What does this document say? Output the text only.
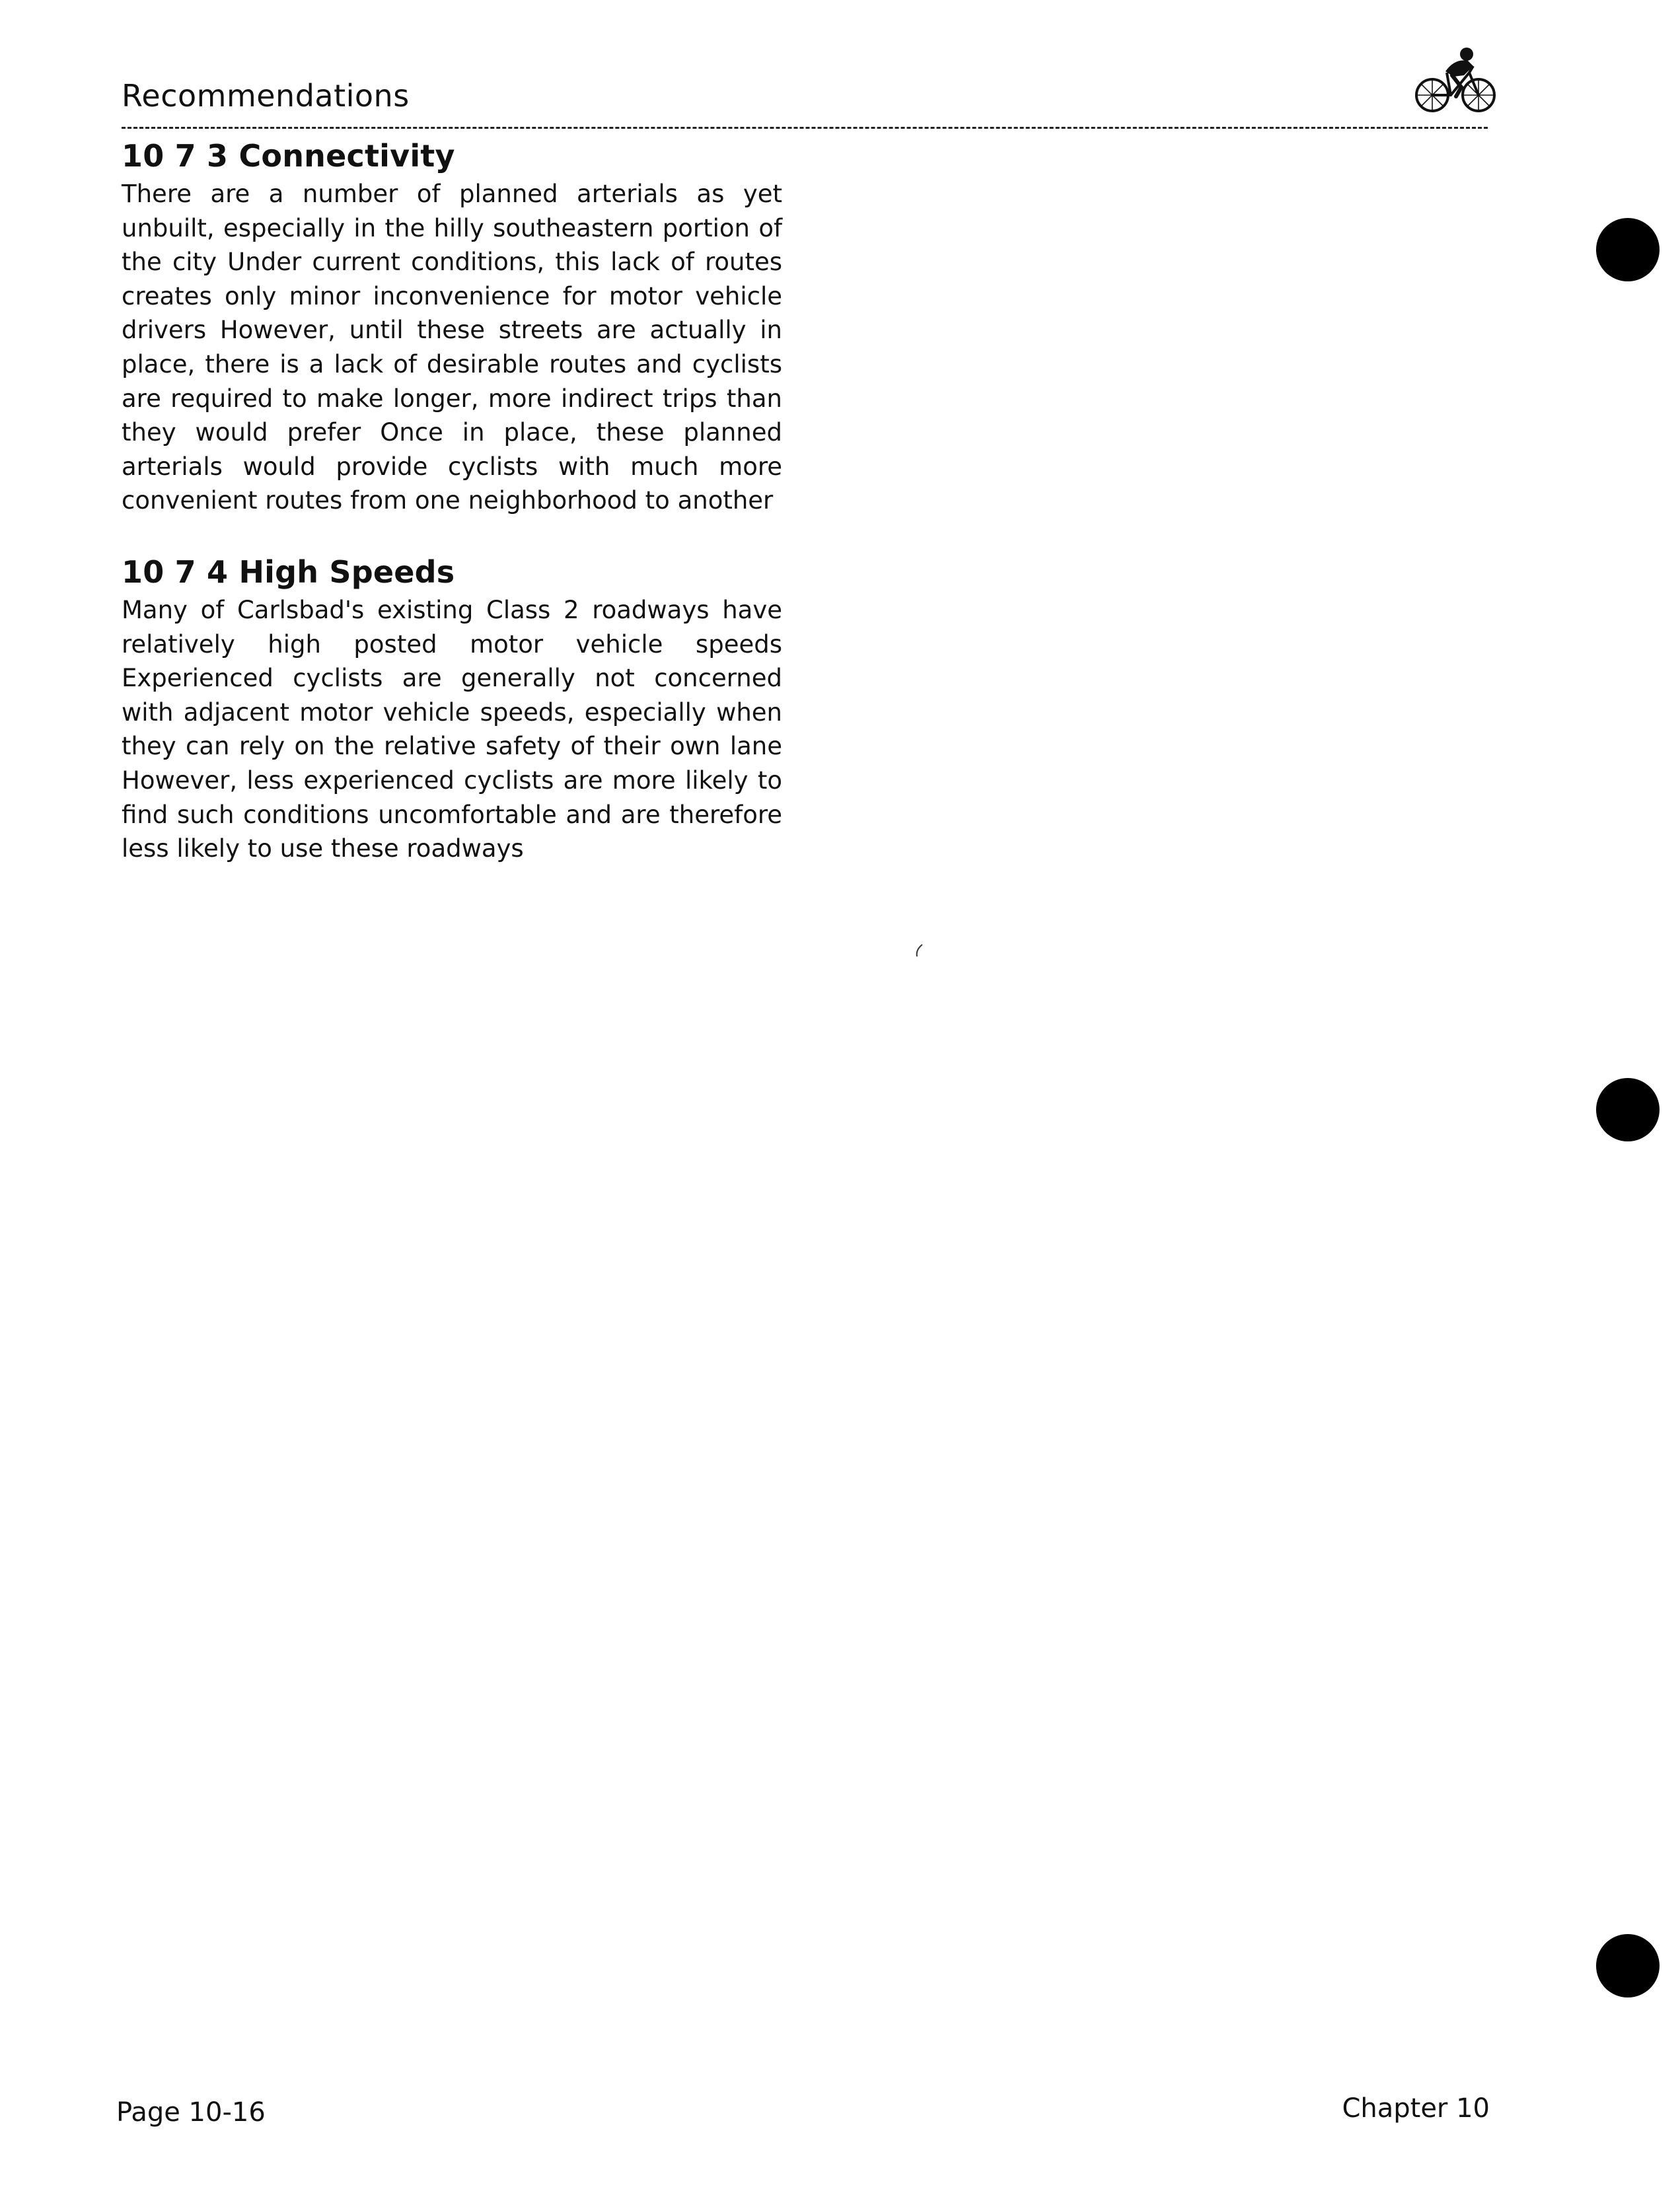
Recommendations
10 7 3 Connectivity

There are a number of planned arterials as yet unbuilt, especially in the hilly southeastern portion of the city Under current conditions, this lack of routes creates only minor inconvenience for motor vehicle drivers However, until these streets are actually in place, there is a lack of desirable routes and cyclists are required to make longer, more indirect trips than they would prefer Once in place, these planned arterials would provide cyclists with much more convenient routes from one neighborhood to another

10 7 4 High Speeds

Many of Carlsbad's existing Class 2 roadways have relatively high posted motor vehicle speeds Experienced cyclists are generally not concerned with adjacent motor vehicle speeds, especially when they can rely on the relative safety of their own lane However, less experienced cyclists are more likely to find such conditions uncomfortable and are therefore less likely to use these roadways

Page 10-16	Chapter 10
